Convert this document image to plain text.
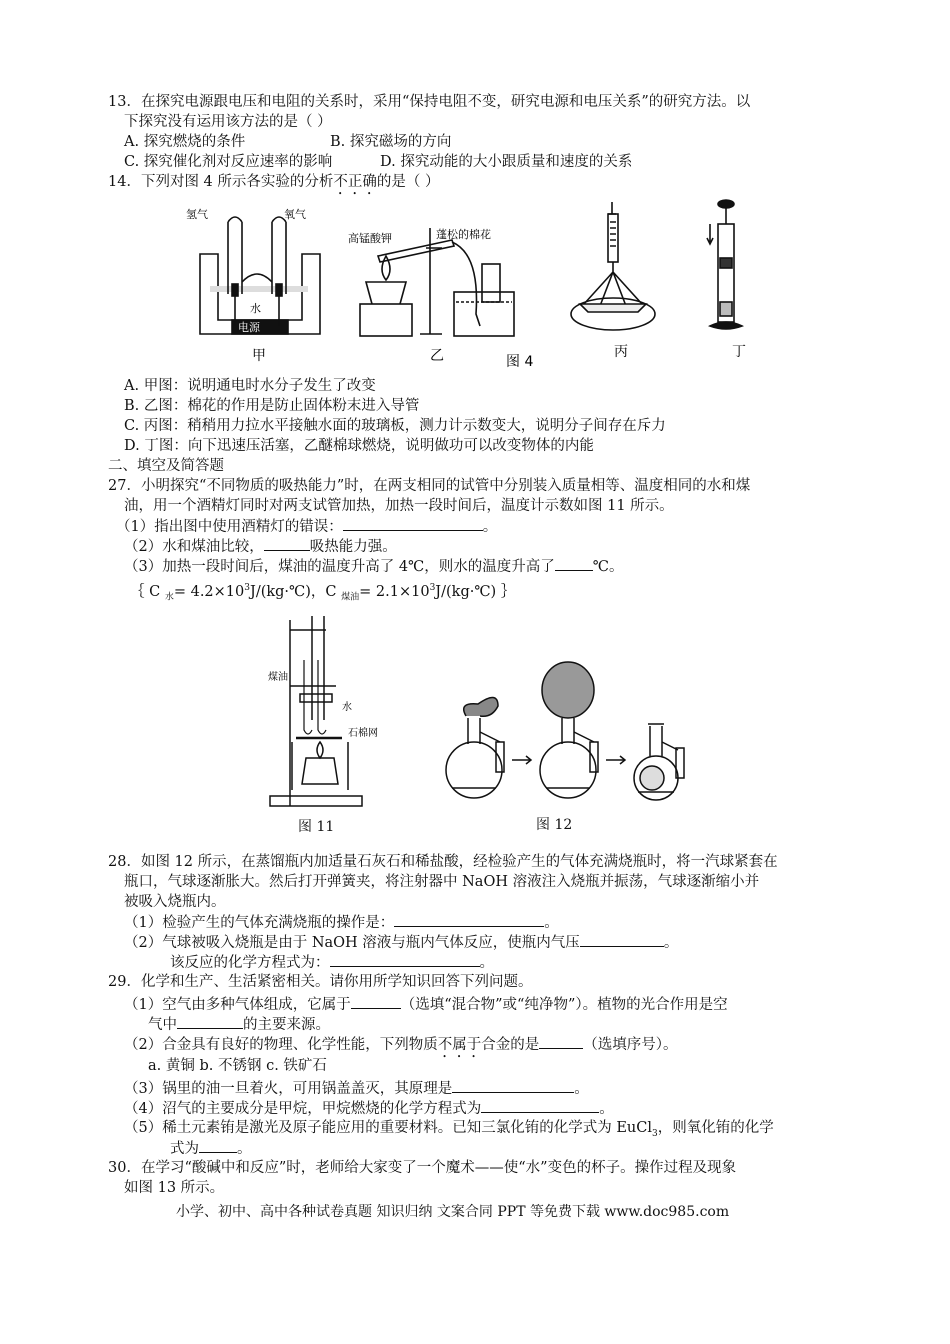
13．在探究电源跟电压和电阻的关系时，采用“保持电阻不变，研究电源和电压关系”的研究方法。以
下探究没有运用该方法的是（ ）
A. 探究燃烧的条件	B. 探究磁场的方向
C. 探究催化剂对反应速率的影响	D. 探究动能的大小跟质量和速度的关系
14．下列对图 4 所示各实验的分析不正确的是（ ）
氢气	氧气
水
电源
高锰酸钾	蓬松的棉花
甲	乙	图 4
丙	丁
A. 甲图：说明通电时水分子发生了改变
B. 乙图：棉花的作用是防止固体粉末进入导管
C. 丙图：稍稍用力拉水平接触水面的玻璃板，测力计示数变大，说明分子间存在斥力
D. 丁图：向下迅速压活塞，乙醚棉球燃烧，说明做功可以改变物体的内能
二、填空及简答题
27．小明探究“不同物质的吸热能力”时，在两支相同的试管中分别装入质量相等、温度相同的水和煤
油，用一个酒精灯同时对两支试管加热，加热一段时间后，温度计示数如图 11 所示。
（1）指出图中使用酒精灯的错误：	。
（2）水和煤油比较，	吸热能力强。
（3）加热一段时间后，煤油的温度升高了 4℃，则水的温度升高了	℃。
｛ C $_水= 4.2\times 10^3J/(kg\cdot℃)$，C $_{煤油}= 2.1\times 10^3J/(kg\cdot℃)$ ｝
煤油
水
石棉网
图 11	图 12
28．如图 12 所示，在蒸馏瓶内加适量石灰石和稀盐酸，经检验产生的气体充满烧瓶时，将一汽球紧套在
瓶口，气球逐渐胀大。然后打开弹簧夹，将注射器中 NaOH 溶液注入烧瓶并振荡，气球逐渐缩小并
被吸入烧瓶内。
（1）检验产生的气体充满烧瓶的操作是：	。
（2）气球被吸入烧瓶是由于 NaOH 溶液与瓶内气体反应，使瓶内气压	。
该反应的化学方程式为：	。
29．化学和生产、生活紧密相关。请你用所学知识回答下列问题。
（1）空气由多种气体组成，它属于	（选填“混合物”或“纯净物”）。植物的光合作用是空
气中	的主要来源。
（2）合金具有良好的物理、化学性能，下列物质不属于合金的是	（选填序号）。
a. 黄铜 b. 不锈钢 c. 铁矿石
（3）锅里的油一旦着火，可用锅盖盖灭，其原理是	。
（4）沼气的主要成分是甲烷，甲烷燃烧的化学方程式为	。
（5）稀土元素铕是激光及原子能应用的重要材料。已知三氯化铕的化学式为 EuCl$_3$，则氧化铕的化学
式为	。
30．在学习“酸碱中和反应”时，老师给大家变了一个魔术——使“水”变色的杯子。操作过程及现象
如图 13 所示。
小学、初中、高中各种试卷真题 知识归纳 文案合同 PPT 等免费下载 www.doc985.com
